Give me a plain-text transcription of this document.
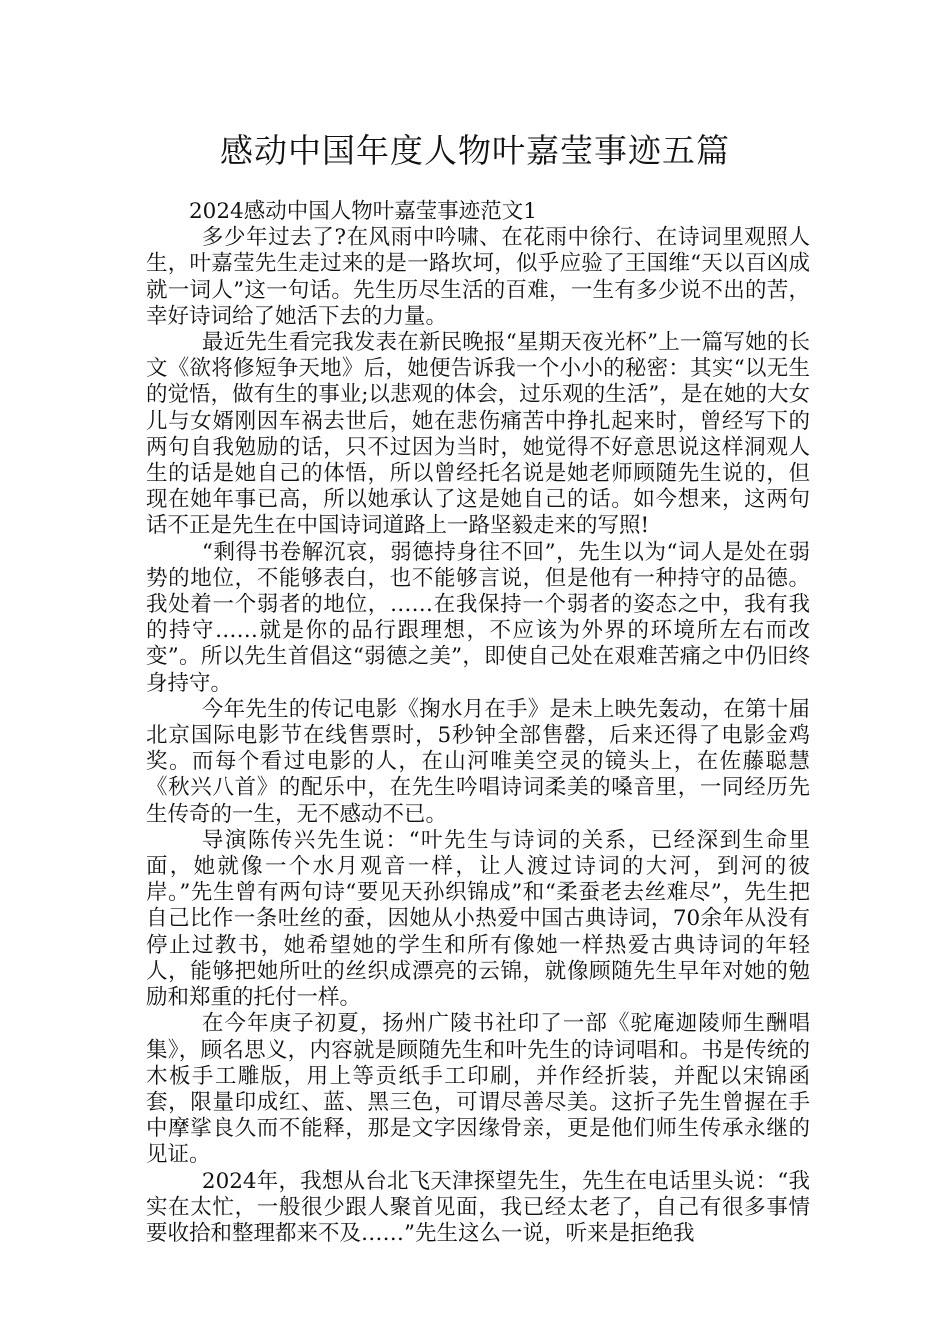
感动中国年度人物叶嘉莹事迹五篇

2024感动中国人物叶嘉莹事迹范文1

多少年过去了?在风雨中吟啸、在花雨中徐行、在诗词里观照人生，叶嘉莹先生走过来的是一路坎坷，似乎应验了王国维“天以百凶成就一词人”这一句话。先生历尽生活的百难，一生有多少说不出的苦，幸好诗词给了她活下去的力量。

最近先生看完我发表在新民晚报“星期天夜光杯”上一篇写她的长文《欲将修短争天地》后，她便告诉我一个小小的秘密：其实“以无生的觉悟，做有生的事业;以悲观的体会，过乐观的生活”，是在她的大女儿与女婿刚因车祸去世后，她在悲伤痛苦中挣扎起来时，曾经写下的两句自我勉励的话，只不过因为当时，她觉得不好意思说这样洞观人生的话是她自己的体悟，所以曾经托名说是她老师顾随先生说的，但现在她年事已高，所以她承认了这是她自己的话。如今想来，这两句话不正是先生在中国诗词道路上一路坚毅走来的写照!

“剩得书卷解沉哀，弱德持身往不回”，先生以为“词人是处在弱势的地位，不能够表白，也不能够言说，但是他有一种持守的品德。我处着一个弱者的地位，……在我保持一个弱者的姿态之中，我有我的持守……就是你的品行跟理想，不应该为外界的环境所左右而改变”。所以先生首倡这“弱德之美”，即使自己处在艰难苦痛之中仍旧终身持守。

今年先生的传记电影《掬水月在手》是未上映先轰动，在第十届北京国际电影节在线售票时，5秒钟全部售罄，后来还得了电影金鸡奖。而每个看过电影的人，在山河唯美空灵的镜头上，在佐藤聪慧《秋兴八首》的配乐中，在先生吟唱诗词柔美的嗓音里，一同经历先生传奇的一生，无不感动不已。

导演陈传兴先生说：“叶先生与诗词的关系，已经深到生命里面，她就像一个水月观音一样，让人渡过诗词的大河，到河的彼岸。”先生曾有两句诗“要见天孙织锦成”和“柔蚕老去丝难尽”，先生把自己比作一条吐丝的蚕，因她从小热爱中国古典诗词，70余年从没有停止过教书，她希望她的学生和所有像她一样热爱古典诗词的年轻人，能够把她所吐的丝织成漂亮的云锦，就像顾随先生早年对她的勉励和郑重的托付一样。

在今年庚子初夏，扬州广陵书社印了一部《驼庵迦陵师生酬唱集》，顾名思义，内容就是顾随先生和叶先生的诗词唱和。书是传统的木板手工雕版，用上等贡纸手工印刷，并作经折装，并配以宋锦函套，限量印成红、蓝、黑三色，可谓尽善尽美。这折子先生曾握在手中摩挲良久而不能释，那是文字因缘骨亲，更是他们师生传承永继的见证。

2024年，我想从台北飞天津探望先生，先生在电话里头说：“我实在太忙，一般很少跟人聚首见面，我已经太老了，自己有很多事情要收拾和整理都来不及……”先生这么一说，听来是拒绝我
